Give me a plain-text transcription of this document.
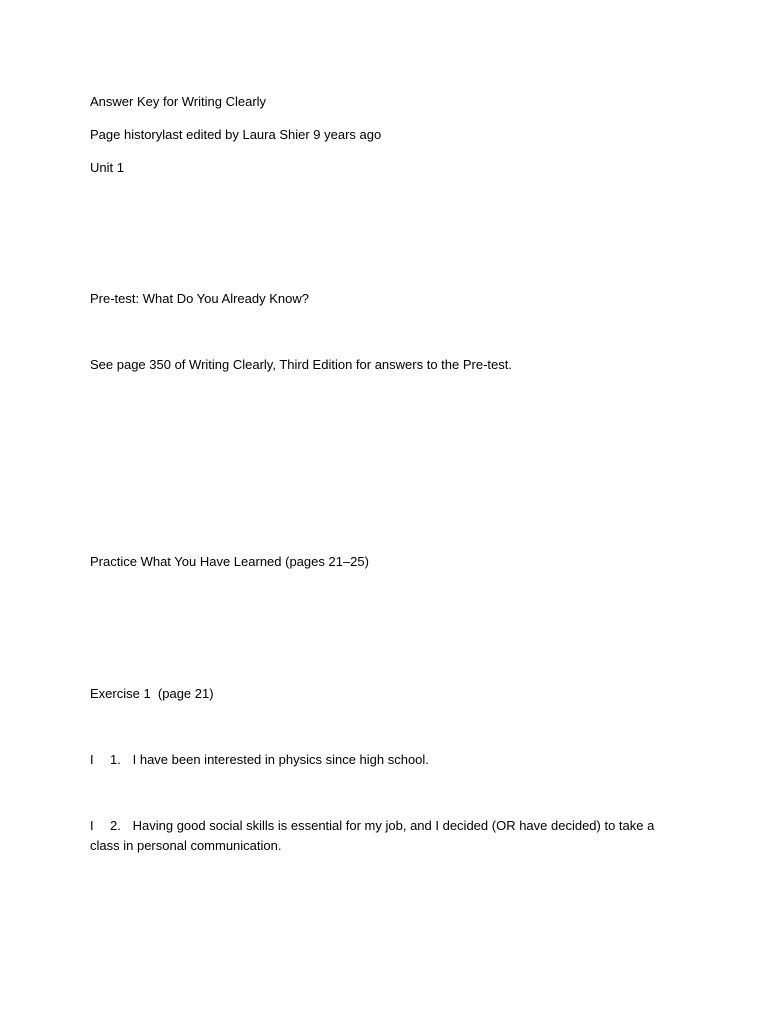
Answer Key for Writing Clearly
Page historylast edited by Laura Shier 9 years ago
Unit 1
Pre-test: What Do You Already Know?
See page 350 of Writing Clearly, Third Edition for answers to the Pre-test.
Practice What You Have Learned (pages 21–25)
Exercise 1  (page 21)
I 1. I have been interested in physics since high school.
I 2. Having good social skills is essential for my job, and I decided (OR have decided) to take a class in personal communication.
